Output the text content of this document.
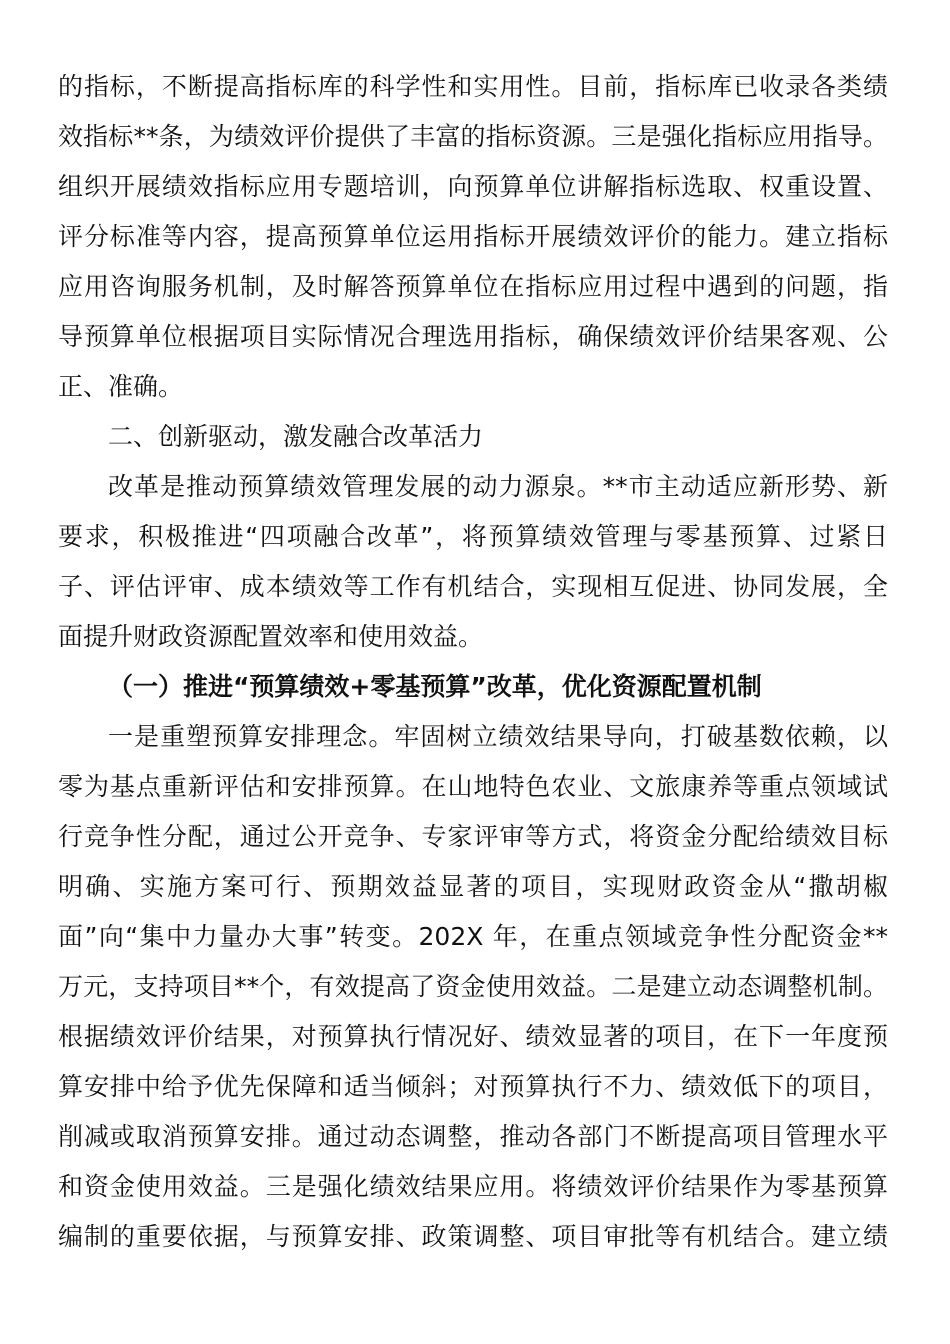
的指标，不断提高指标库的科学性和实用性。目前，指标库已收录各类绩
效指标**条，为绩效评价提供了丰富的指标资源。三是强化指标应用指导。
组织开展绩效指标应用专题培训，向预算单位讲解指标选取、权重设置、
评分标准等内容，提高预算单位运用指标开展绩效评价的能力。建立指标
应用咨询服务机制，及时解答预算单位在指标应用过程中遇到的问题，指
导预算单位根据项目实际情况合理选用指标，确保绩效评价结果客观、公
正、准确。
二、创新驱动，激发融合改革活力
改革是推动预算绩效管理发展的动力源泉。**市主动适应新形势、新
要求，积极推进“四项融合改革”，将预算绩效管理与零基预算、过紧日
子、评估评审、成本绩效等工作有机结合，实现相互促进、协同发展，全
面提升财政资源配置效率和使用效益。
（一）推进“预算绩效+零基预算”改革，优化资源配置机制
一是重塑预算安排理念。牢固树立绩效结果导向，打破基数依赖，以
零为基点重新评估和安排预算。在山地特色农业、文旅康养等重点领域试
行竞争性分配，通过公开竞争、专家评审等方式，将资金分配给绩效目标
明确、实施方案可行、预期效益显著的项目，实现财政资金从“撒胡椒
面”向“集中力量办大事”转变。202X 年，在重点领域竞争性分配资金**
万元，支持项目**个，有效提高了资金使用效益。二是建立动态调整机制。
根据绩效评价结果，对预算执行情况好、绩效显著的项目，在下一年度预
算安排中给予优先保障和适当倾斜；对预算执行不力、绩效低下的项目，
削减或取消预算安排。通过动态调整，推动各部门不断提高项目管理水平
和资金使用效益。三是强化绩效结果应用。将绩效评价结果作为零基预算
编制的重要依据，与预算安排、政策调整、项目审批等有机结合。建立绩
